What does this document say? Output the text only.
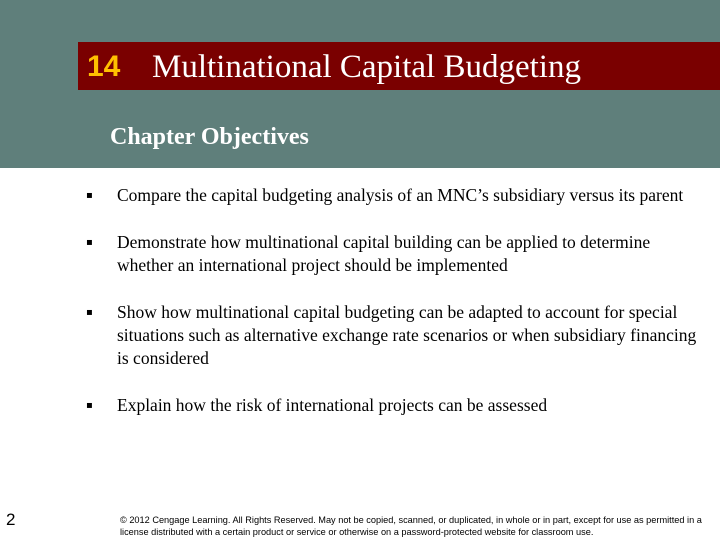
14 Multinational Capital Budgeting
Chapter Objectives
▪ Compare the capital budgeting analysis of an MNC’s subsidiary versus its parent
▪ Demonstrate how multinational capital building can be applied to determine whether an international project should be implemented
▪ Show how multinational capital budgeting can be adapted to account for special situations such as alternative exchange rate scenarios or when subsidiary financing is considered
▪ Explain how the risk of international projects can be assessed
2	© 2012 Cengage Learning. All Rights Reserved. May not be copied, scanned, or duplicated, in whole or in part, except for use as permitted in a license distributed with a certain product or service or otherwise on a password-protected website for classroom use.
